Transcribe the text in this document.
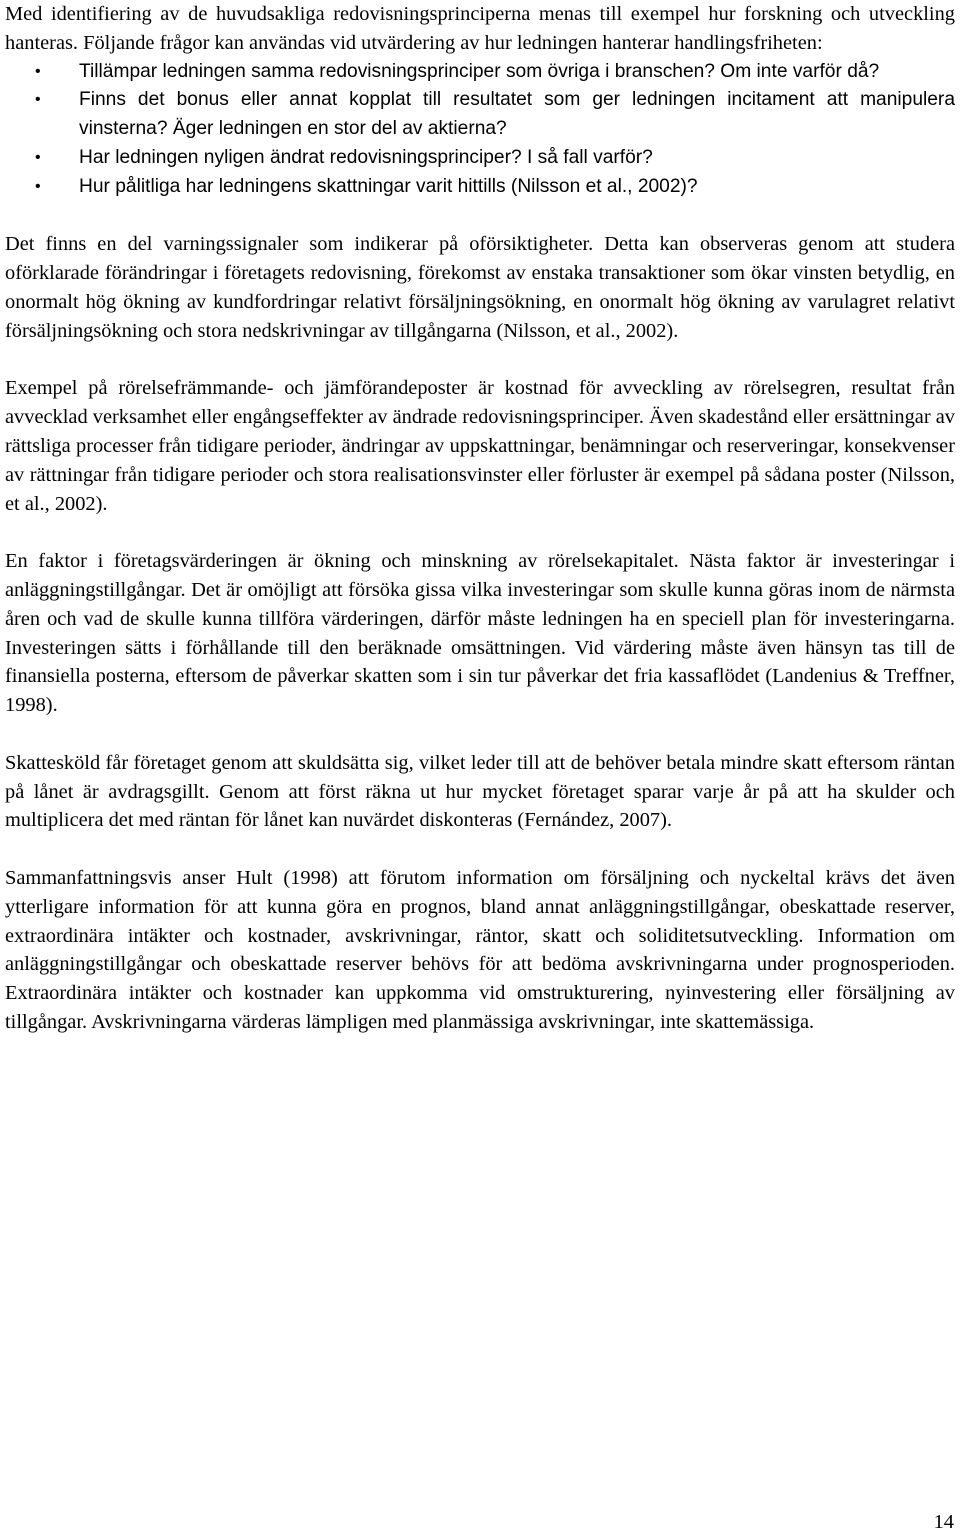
Med identifiering av de huvudsakliga redovisningsprinciperna menas till exempel hur forskning och utveckling hanteras. Följande frågor kan användas vid utvärdering av hur ledningen hanterar handlingsfriheten:

• Tillämpar ledningen samma redovisningsprinciper som övriga i branschen? Om inte varför då?
• Finns det bonus eller annat kopplat till resultatet som ger ledningen incitament att manipulera vinsterna? Äger ledningen en stor del av aktierna?
• Har ledningen nyligen ändrat redovisningsprinciper? I så fall varför?
• Hur pålitliga har ledningens skattningar varit hittills (Nilsson et al., 2002)?

Det finns en del varningssignaler som indikerar på oförsiktigheter. Detta kan observeras genom att studera oförklarade förändringar i företagets redovisning, förekomst av enstaka transaktioner som ökar vinsten betydlig, en onormalt hög ökning av kundfordringar relativt försäljningsökning, en onormalt hög ökning av varulagret relativt försäljningsökning och stora nedskrivningar av tillgångarna (Nilsson, et al., 2002).

Exempel på rörelsefrämmande- och jämförandeposter är kostnad för avveckling av rörelsegren, resultat från avvecklad verksamhet eller engångseffekter av ändrade redovisningsprinciper. Även skadestånd eller ersättningar av rättsliga processer från tidigare perioder, ändringar av uppskattningar, benämningar och reserveringar, konsekvenser av rättningar från tidigare perioder och stora realisationsvinster eller förluster är exempel på sådana poster (Nilsson, et al., 2002).

En faktor i företagsvärderingen är ökning och minskning av rörelsekapitalet. Nästa faktor är investeringar i anläggningstillgångar. Det är omöjligt att försöka gissa vilka investeringar som skulle kunna göras inom de närmsta åren och vad de skulle kunna tillföra värderingen, därför måste ledningen ha en speciell plan för investeringarna. Investeringen sätts i förhållande till den beräknade omsättningen. Vid värdering måste även hänsyn tas till de finansiella posterna, eftersom de påverkar skatten som i sin tur påverkar det fria kassaflödet (Landenius & Treffner, 1998).

Skattesköld får företaget genom att skuldsätta sig, vilket leder till att de behöver betala mindre skatt eftersom räntan på lånet är avdragsgillt. Genom att först räkna ut hur mycket företaget sparar varje år på att ha skulder och multiplicera det med räntan för lånet kan nuvärdet diskonteras (Fernández, 2007).

Sammanfattningsvis anser Hult (1998) att förutom information om försäljning och nyckeltal krävs det även ytterligare information för att kunna göra en prognos, bland annat anläggningstillgångar, obeskattade reserver, extraordinära intäkter och kostnader, avskrivningar, räntor, skatt och soliditetsutveckling. Information om anläggningstillgångar och obeskattade reserver behövs för att bedöma avskrivningarna under prognosperioden. Extraordinära intäkter och kostnader kan uppkomma vid omstrukturering, nyinvestering eller försäljning av tillgångar. Avskrivningarna värderas lämpligen med planmässiga avskrivningar, inte skattemässiga.

14
